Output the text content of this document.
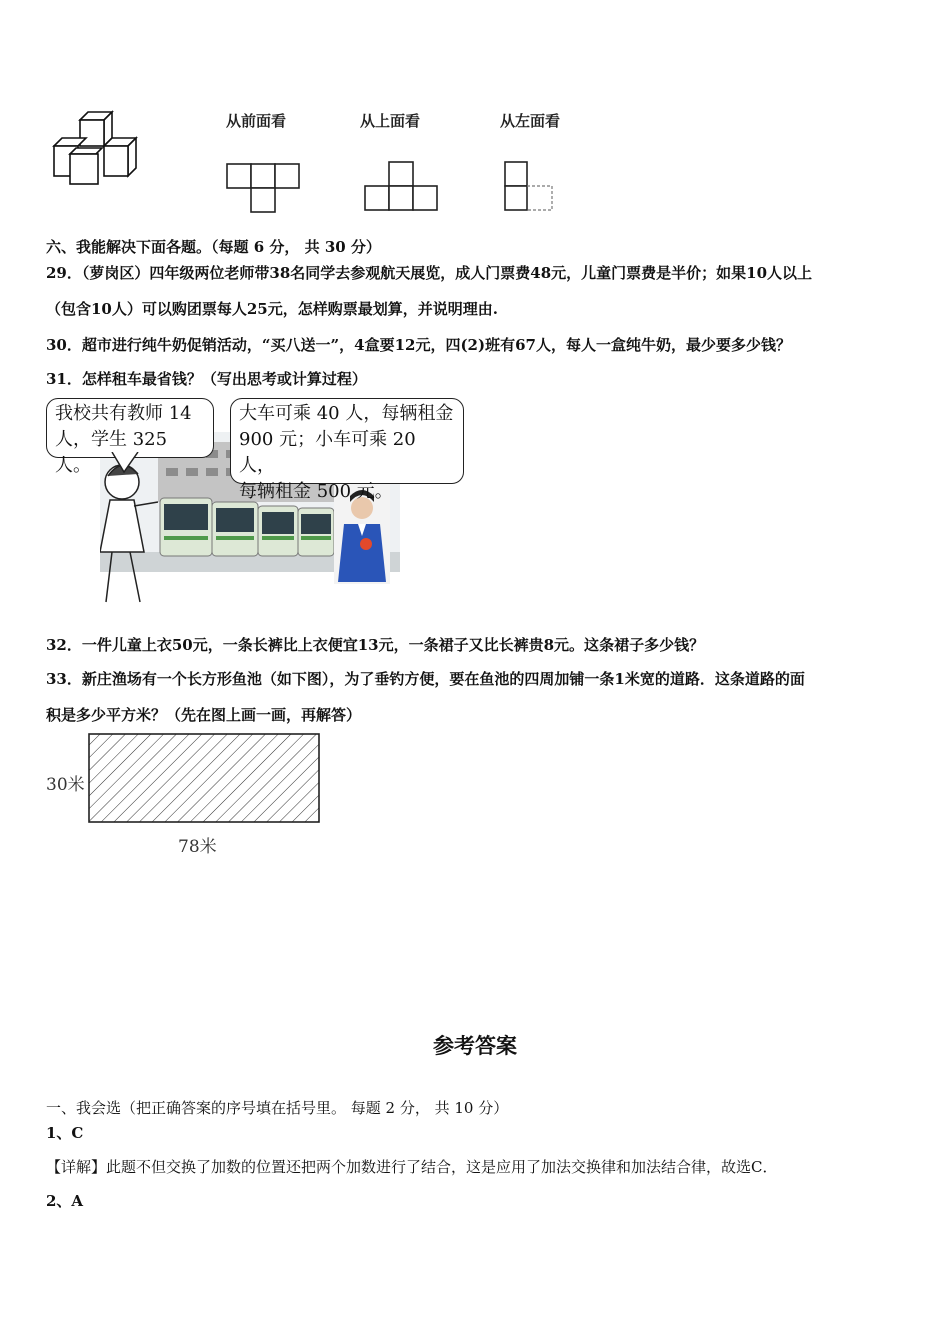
从前面看	从上面看	从左面看
六、我能解决下面各题。（每题 6 分， 共 30 分）
29．（萝岗区）四年级两位老师带38名同学去参观航天展览，成人门票费48元，儿童门票费是半价；如果10人以上
（包含10人）可以购团票每人25元，怎样购票最划算，并说明理由.
30．超市进行纯牛奶促销活动，“买八送一”，4盒要12元，四(2)班有67人，每人一盒纯牛奶，最少要多少钱？
31．怎样租车最省钱？（写出思考或计算过程）
我校共有教师 14
人，学生 325 人。
大车可乘 40 人，每辆租金
900 元；小车可乘 20 人，
每辆租金 500 元。
32．一件儿童上衣50元，一条长裤比上衣便宜13元，一条裙子又比长裤贵8元。这条裙子多少钱？
33．新庄渔场有一个长方形鱼池（如下图），为了垂钓方便，要在鱼池的四周加铺一条1米宽的道路．这条道路的面
积是多少平方米？（先在图上画一画，再解答）
30米
78米
参考答案
一、我会选（把正确答案的序号填在括号里。 每题 2 分， 共 10 分）
1、C
【详解】此题不但交换了加数的位置还把两个加数进行了结合，这是应用了加法交换律和加法结合律，故选C．
2、A
